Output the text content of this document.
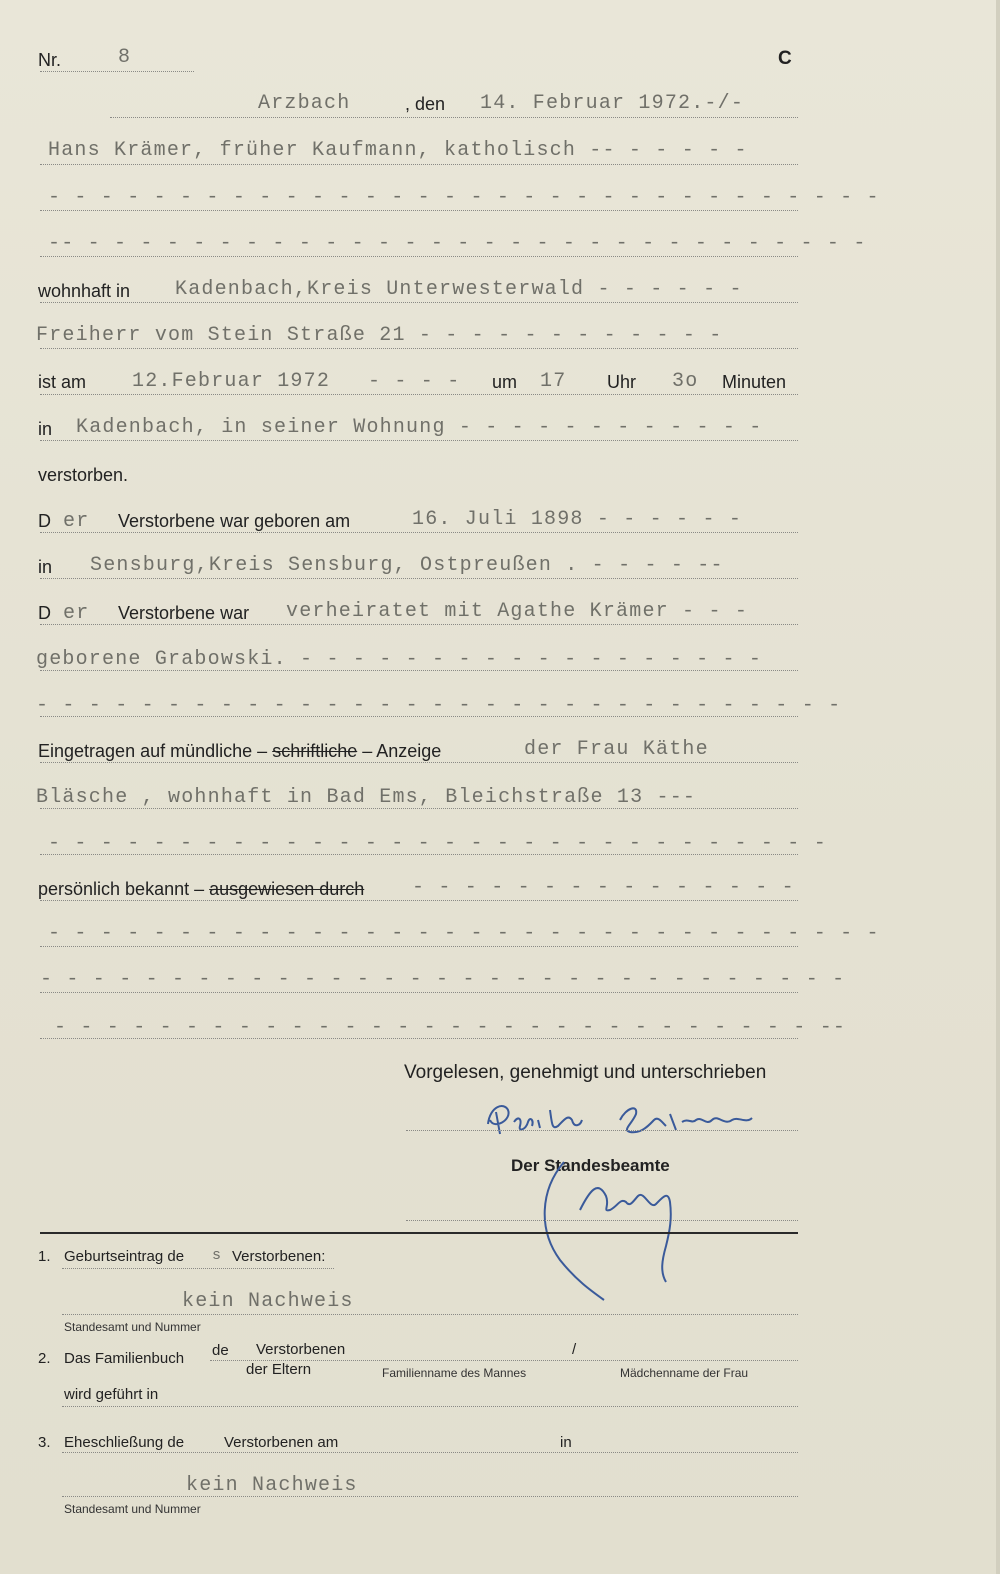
Nr.	8	C
Arzbach	, den 14. Februar 1972.-/-
Hans Krämer, früher Kaufmann, katholisch -- - - - - -
- - - - - - - - - - - - - - - - - - - - - - - - - - - - - - - -
-- - - - - - - - - - - - - - - - - - - - - - - - - - - - - - -
wohnhaft in Kadenbach,Kreis Unterwesterwald - - - - - -
Freiherr vom Stein Straße 21 - - - - - - - - - - - -
ist am 12.Februar 1972 - - - - um 17 Uhr 3o Minuten
in Kadenbach, in seiner Wohnung - - - - - - - - - - - -
verstorben.
D er Verstorbene war geboren am	16. Juli 1898 - - - - - -
in Sensburg,Kreis Sensburg, Ostpreußen . - - - - --
D er Verstorbene war verheiratet mit Agathe Krämer - - -
geborene Grabowski. - - - - - - - - - - - - - - - - - -
- - - - - - - - - - - - - - - - - - - - - - - - - - - - - - -
Eingetragen auf mündliche – schriftliche – Anzeige	der Frau Käthe
Bläsche , wohnhaft in Bad Ems, Bleichstraße 13 ---
- - - - - - - - - - - - - - - - - - - - - - - - - - - - - -
persönlich bekannt – ausgewiesen durch - - - - - - - - - - - - - - -
- - - - - - - - - - - - - - - - - - - - - - - - - - - - - - - -
- - - - - - - - - - - - - - - - - - - - - - - - - - - - - - -
- - - - - - - - - - - - - - - - - - - - - - - - - - - - - --
Vorgelesen, genehmigt und unterschrieben
Der Standesbeamte
1. Geburtseintrag de s Verstorbenen:
kein Nachweis
Standesamt und Nummer
2. Das Familienbuch de Verstorbenen	/
der Eltern	Familienname des Mannes	Mädchenname der Frau
wird geführt in
3. Eheschließung de	Verstorbenen am	in
kein Nachweis
Standesamt und Nummer
